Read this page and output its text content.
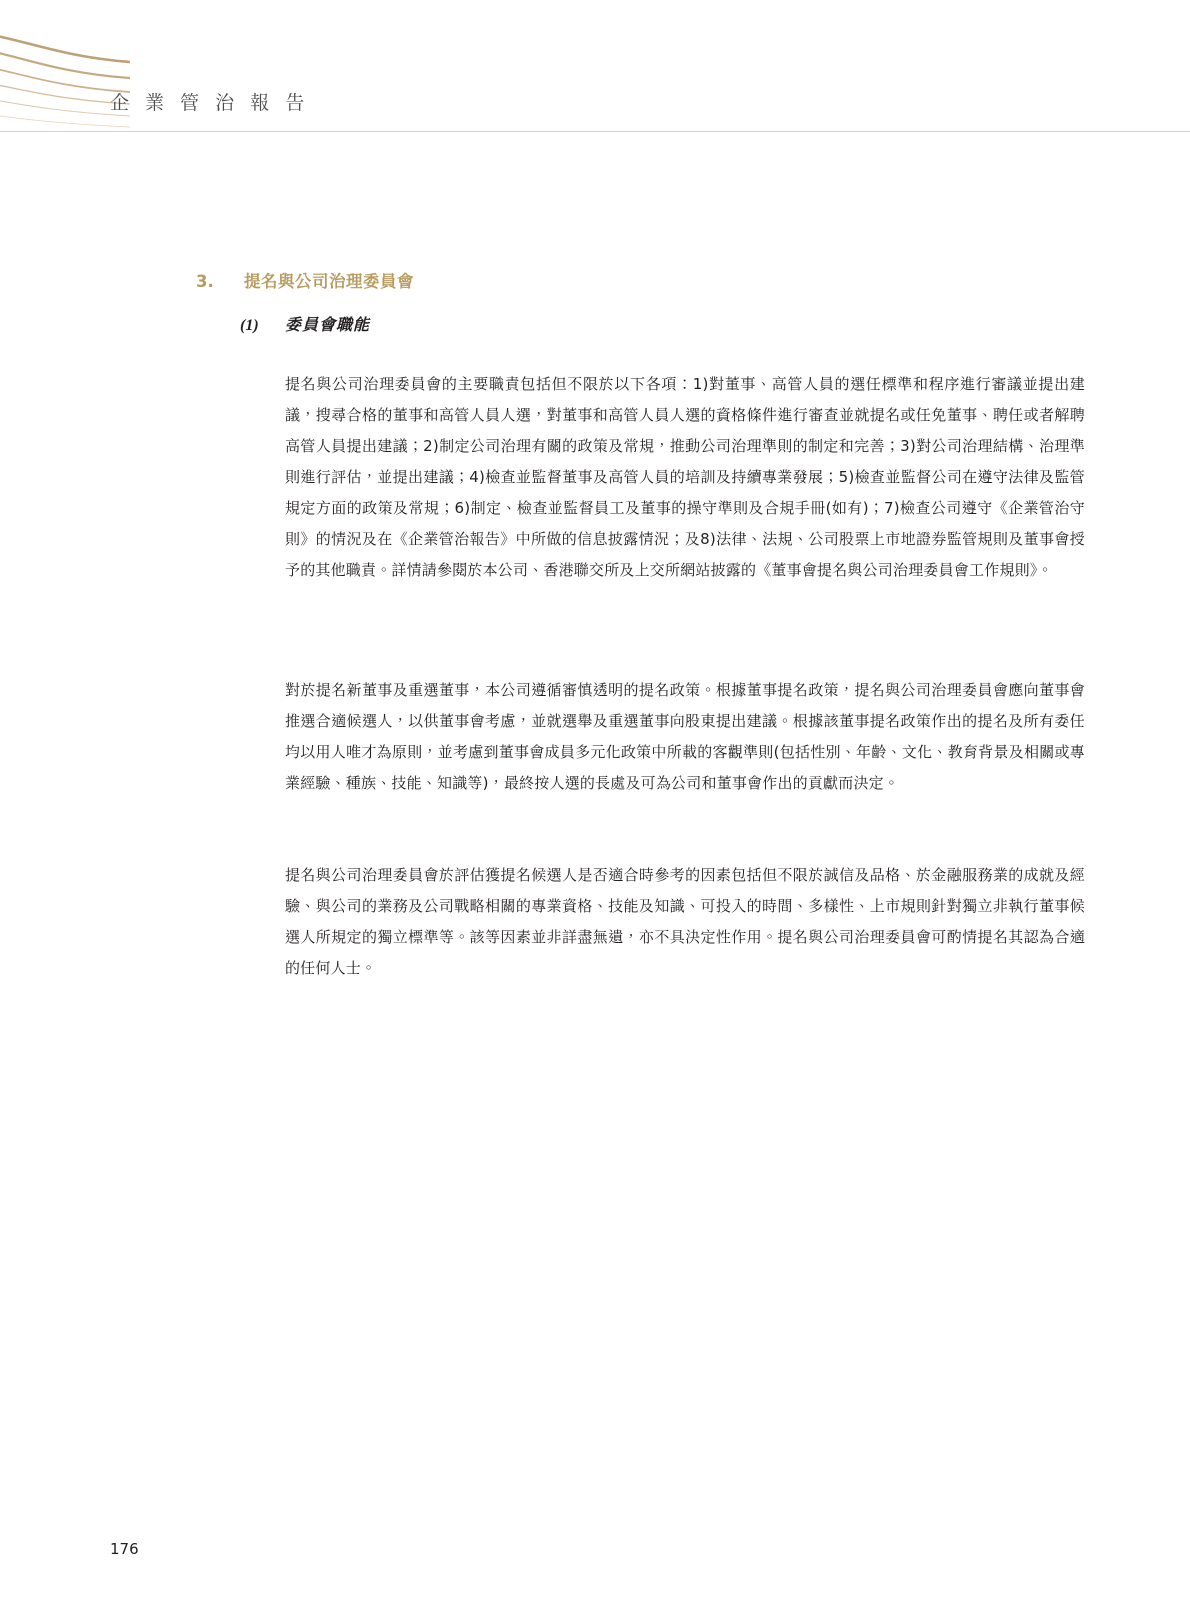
企 業 管 治 報 告
3.	提名與公司治理委員會
(1)	委員會職能

提名與公司治理委員會的主要職責包括但不限於以下各項：1)對董事、高管人員的選任標準和程序進行審議並提出建議，搜尋合格的董事和高管人員人選，對董事和高管人員人選的資格條件進行審查並就提名或任免董事、聘任或者解聘高管人員提出建議；2)制定公司治理有關的政策及常規，推動公司治理準則的制定和完善；3)對公司治理結構、治理準則進行評估，並提出建議；4)檢查並監督董事及高管人員的培訓及持續專業發展；5)檢查並監督公司在遵守法律及監管規定方面的政策及常規；6)制定、檢查並監督員工及董事的操守準則及合規手冊(如有)；7)檢查公司遵守《企業管治守則》的情況及在《企業管治報告》中所做的信息披露情況；及8)法律、法規、公司股票上市地證券監管規則及董事會授予的其他職責。詳情請參閱於本公司、香港聯交所及上交所網站披露的《董事會提名與公司治理委員會工作規則》。

對於提名新董事及重選董事，本公司遵循審慎透明的提名政策。根據董事提名政策，提名與公司治理委員會應向董事會推選合適候選人，以供董事會考慮，並就選舉及重選董事向股東提出建議。根據該董事提名政策作出的提名及所有委任均以用人唯才為原則，並考慮到董事會成員多元化政策中所載的客觀準則(包括性別、年齡、文化、教育背景及相關或專業經驗、種族、技能、知識等)，最終按人選的長處及可為公司和董事會作出的貢獻而決定。

提名與公司治理委員會於評估獲提名候選人是否適合時參考的因素包括但不限於誠信及品格、於金融服務業的成就及經驗、與公司的業務及公司戰略相關的專業資格、技能及知識、可投入的時間、多樣性、上市規則針對獨立非執行董事候選人所規定的獨立標準等。該等因素並非詳盡無遺，亦不具決定性作用。提名與公司治理委員會可酌情提名其認為合適的任何人士。

176
